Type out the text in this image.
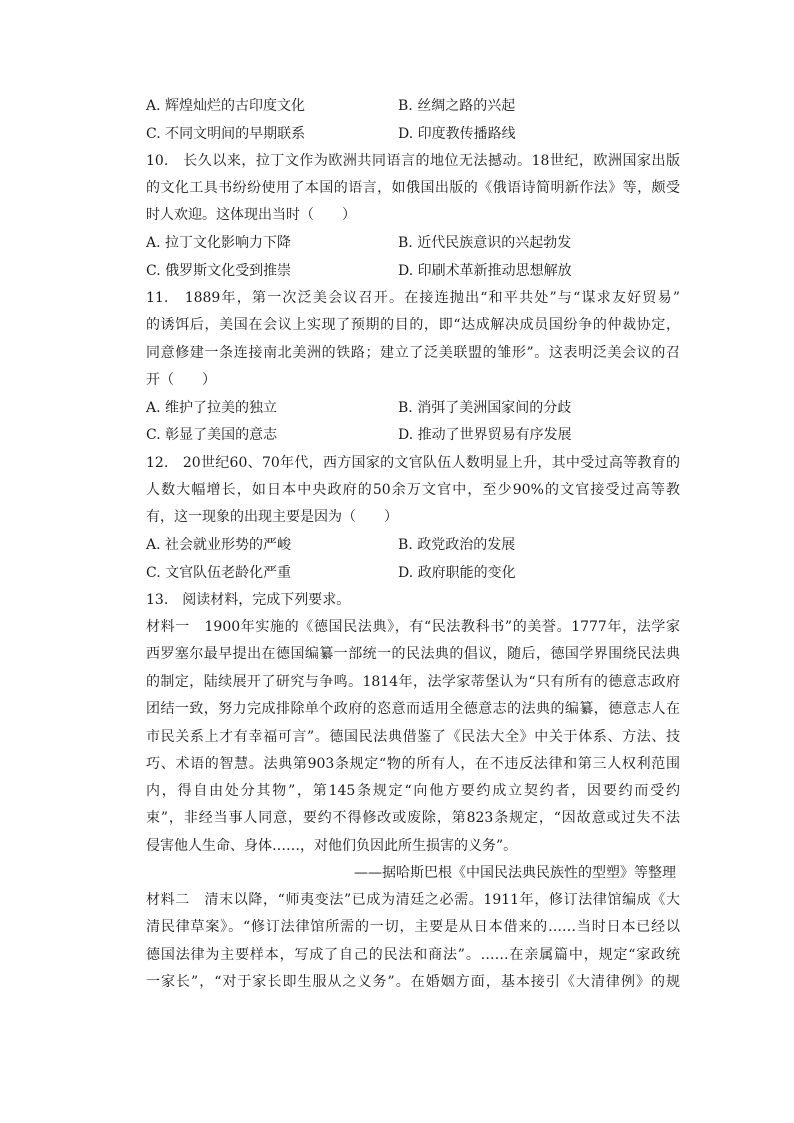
A. 辉煌灿烂的古印度文化	B. 丝绸之路的兴起
C. 不同文明间的早期联系	D. 印度教传播路线
10.　长久以来，拉丁文作为欧洲共同语言的地位无法撼动。18世纪，欧洲国家出版
的文化工具书纷纷使用了本国的语言，如俄国出版的《俄语诗简明新作法》等，颇受
时人欢迎。这体现出当时（　　）
A. 拉丁文化影响力下降	B. 近代民族意识的兴起勃发
C. 俄罗斯文化受到推崇	D. 印刷术革新推动思想解放
11.　1889年，第一次泛美会议召开。在接连抛出“和平共处”与“谋求友好贸易”
的诱饵后，美国在会议上实现了预期的目的，即“达成解决成员国纷争的仲裁协定，
同意修建一条连接南北美洲的铁路；建立了泛美联盟的雏形”。这表明泛美会议的召
开（　　）
A. 维护了拉美的独立	B. 消弭了美洲国家间的分歧
C. 彰显了美国的意志	D. 推动了世界贸易有序发展
12.　20世纪60、70年代，西方国家的文官队伍人数明显上升，其中受过高等教育的
人数大幅增长，如日本中央政府的50余万文官中，至少90%的文官接受过高等教
有，这一现象的出现主要是因为（　　）
A. 社会就业形势的严峻	B. 政党政治的发展
C. 文官队伍老龄化严重	D. 政府职能的变化
13.　阅读材料，完成下列要求。
材料一　1900年实施的《德国民法典》，有“民法教科书”的美誉。1777年，法学家
西罗塞尔最早提出在德国编纂一部统一的民法典的倡议，随后，德国学界围绕民法典
的制定，陆续展开了研究与争鸣。1814年，法学家蒂堡认为“只有所有的德意志政府
团结一致，努力完成排除单个政府的恣意而适用全德意志的法典的编纂，德意志人在
市民关系上才有幸福可言”。德国民法典借鉴了《民法大全》中关于体系、方法、技
巧、术语的智慧。法典第903条规定“物的所有人，在不违反法律和第三人权利范围
内，得自由处分其物”，第145条规定“向他方要约成立契约者，因要约而受约
束”，非经当事人同意，要约不得修改或废除，第823条规定，“因故意或过失不法
侵害他人生命、身体……，对他们负因此所生损害的义务”。
——据哈斯巴根《中国民法典民族性的型塑》等整理
材料二　清末以降，“师夷变法”已成为清廷之必需。1911年，修订法律馆编成《大
清民律草案》。“修订法律馆所需的一切，主要是从日本借来的……当时日本已经以
德国法律为主要样本，写成了自己的民法和商法”。……在亲属篇中，规定“家政统
一家长”，“对于家长即生服从之义务”。在婚姻方面，基本接引《大清律例》的规
